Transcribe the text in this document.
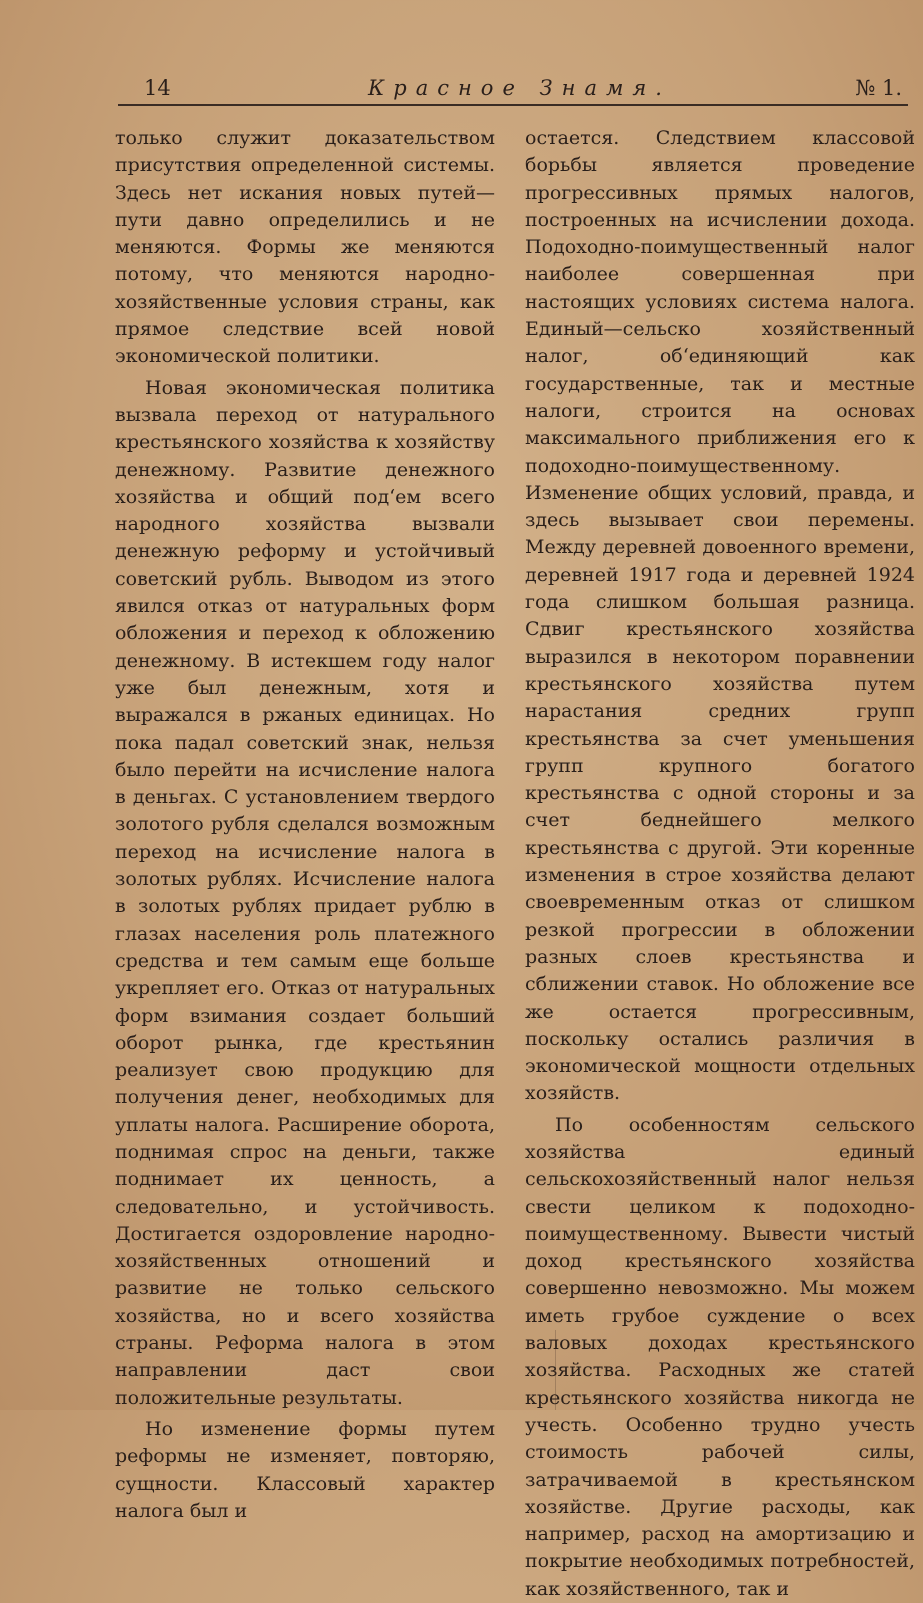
14	Красное Знамя.	№ 1.

только служит доказательством присутствия определенной системы. Здесь нет искания новых путей—пути давно определились и не меняются. Формы же меняются потому, что меняются народно-хозяйственные условия страны, как прямое следствие всей новой экономической политики.

Новая экономическая политика вызвала переход от натурального крестьянского хозяйства к хозяйству денежному. Развитие денежного хозяйства и общий под‘ем всего народного хозяйства вызвали денежную реформу и устойчивый советский рубль. Выводом из этого явился отказ от натуральных форм обложения и переход к обложению денежному. В истекшем году налог уже был денежным, хотя и выражался в ржаных единицах. Но пока падал советский знак, нельзя было перейти на исчисление налога в деньгах. С установлением твердого золотого рубля сделался возможным переход на исчисление налога в золотых рублях. Исчисление налога в золотых рублях придает рублю в глазах населения роль платежного средства и тем самым еще больше укрепляет его. Отказ от натуральных форм взимания создает больший оборот рынка, где крестьянин реализует свою продукцию для получения денег, необходимых для уплаты налога. Расширение оборота, поднимая спрос на деньги, также поднимает их ценность, а следовательно, и устойчивость. Достигается оздоровление народно-хозяйственных отношений и развитие не только сельского хозяйства, но и всего хозяйства страны. Реформа налога в этом направлении даст свои положительные результаты.

Но изменение формы путем реформы не изменяет, повторяю, сущности. Классовый характер налога был и

остается. Следствием классовой борьбы является проведение прогрессивных прямых налогов, построенных на исчислении дохода. Подоходно-поимущественный налог наиболее совершенная при настоящих условиях система налога. Единый—сельско хозяйственный налог, об‘единяющий как государственные, так и местные налоги, строится на основах максимального приближения его к подоходно-поимущественному. Изменение общих условий, правда, и здесь вызывает свои перемены. Между деревней довоенного времени, деревней 1917 года и деревней 1924 года слишком большая разница. Сдвиг крестьянского хозяйства выразился в некотором поравнении крестьянского хозяйства путем нарастания средних групп крестьянства за счет уменьшения групп крупного богатого крестьянства с одной стороны и за счет беднейшего мелкого крестьянства с другой. Эти коренные изменения в строе хозяйства делают своевременным отказ от слишком резкой прогрессии в обложении разных слоев крестьянства и сближении ставок. Но обложение все же остается прогрессивным, поскольку остались различия в экономической мощности отдельных хозяйств.

По особенностям сельского хозяйства единый сельскохозяйственный налог нельзя свести целиком к подоходно-поимущественному. Вывести чистый доход крестьянского хозяйства совершенно невозможно. Мы можем иметь грубое суждение о всех валовых доходах крестьянского хозяйства. Расходных же статей крестьянского хозяйства никогда не учесть. Особенно трудно учесть стоимость рабочей силы, затрачиваемой в крестьянском хозяйстве. Другие расходы, как например, расход на амортизацию и покрытие необходимых потребностей, как хозяйственного, так и
